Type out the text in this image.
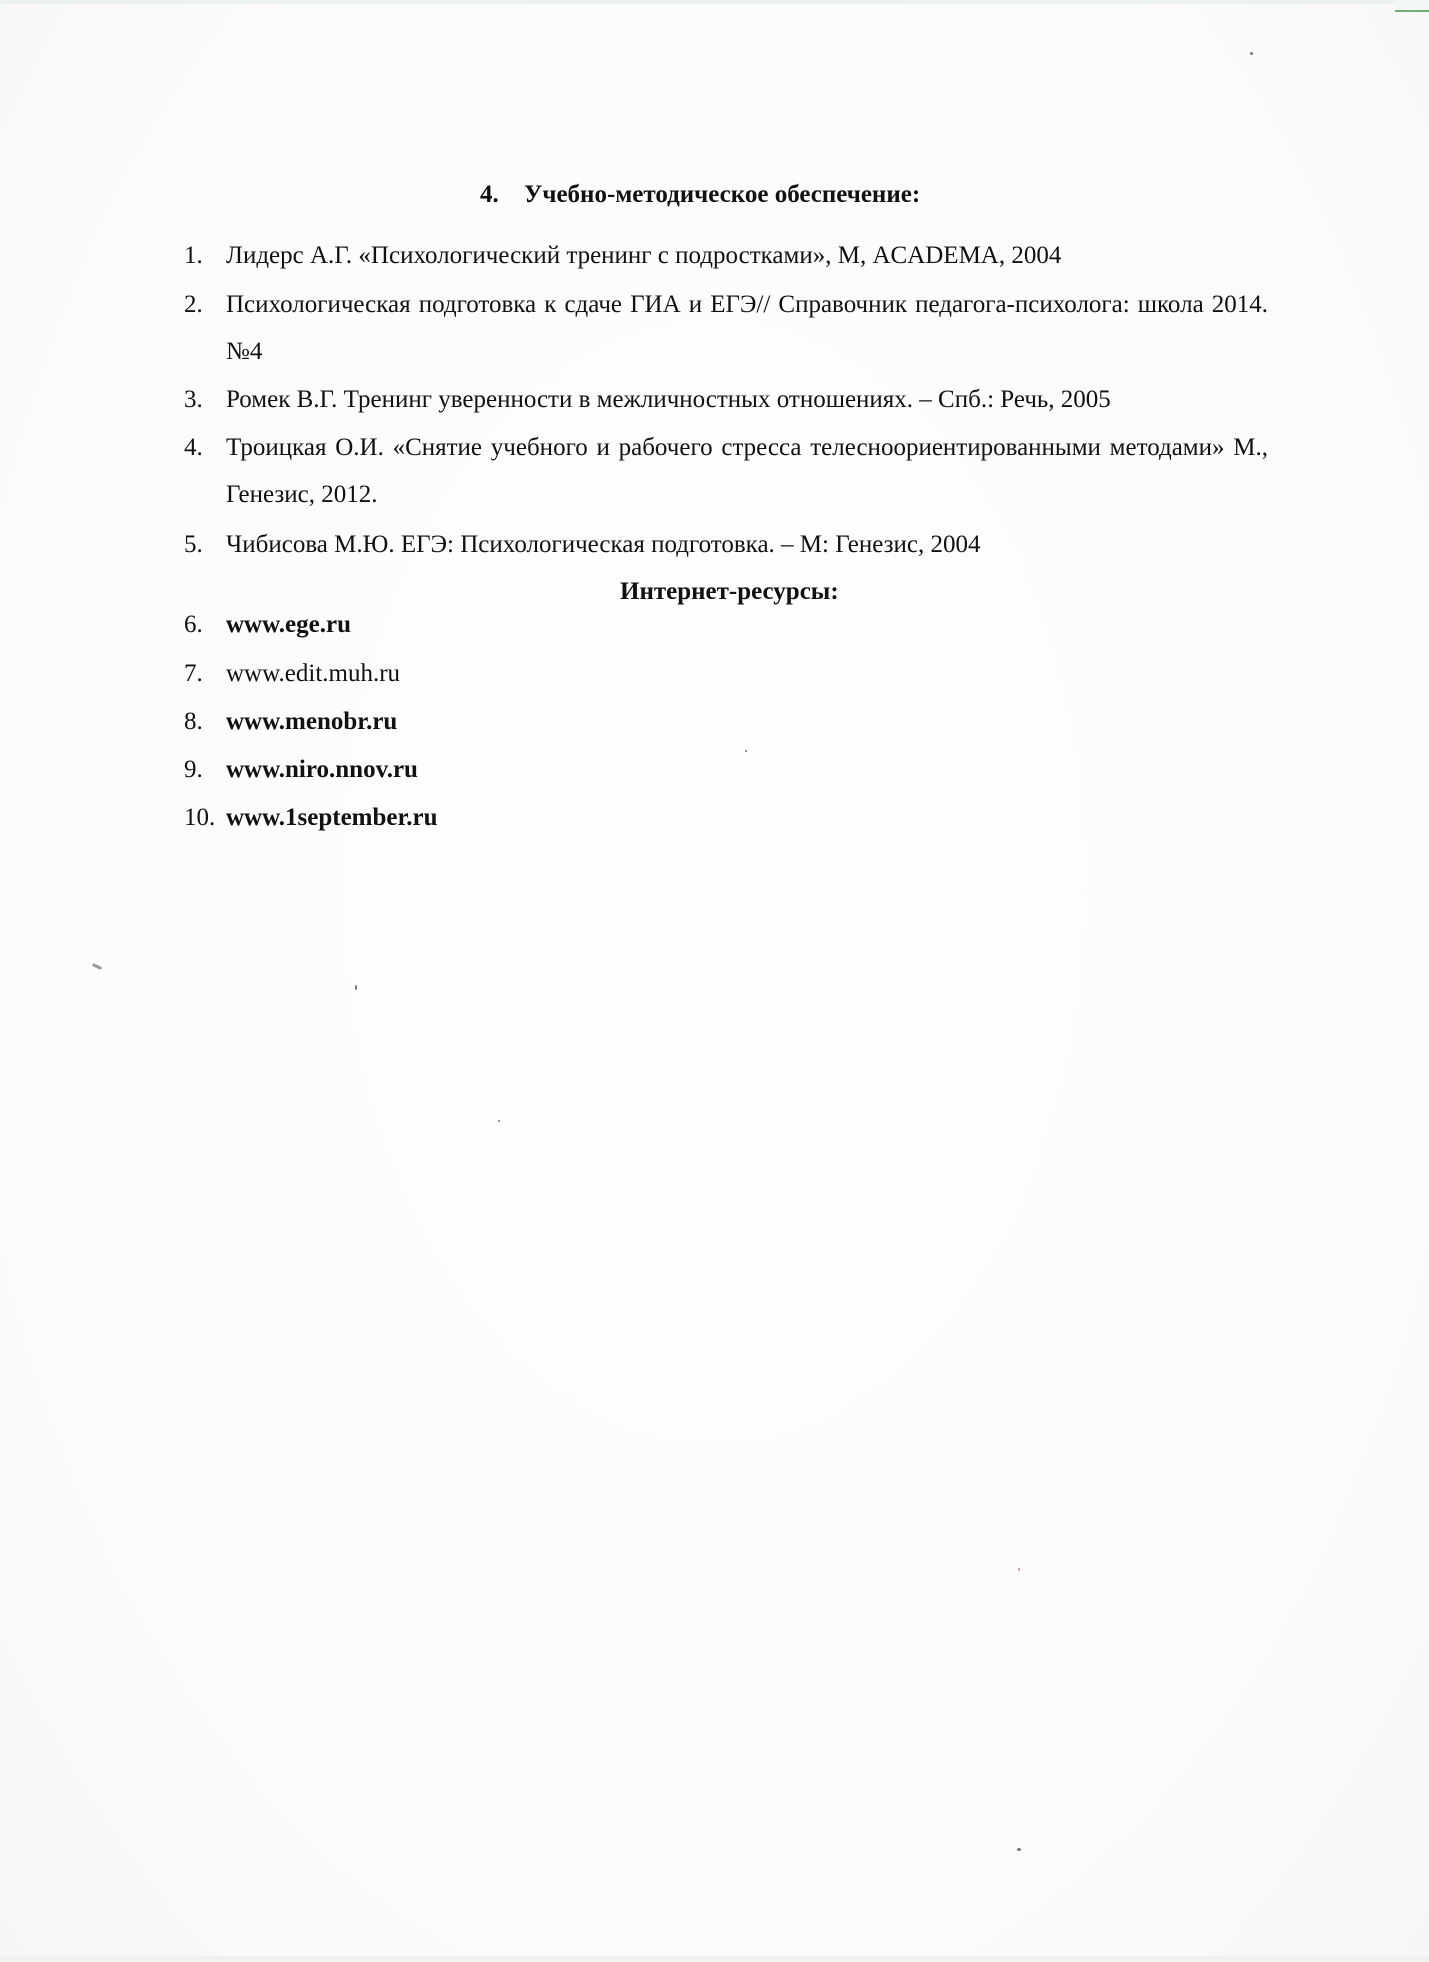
4. Учебно-методическое обеспечение:
1. Лидерс А.Г. «Психологический тренинг с подростками», М, ACADEMA, 2004
2. Психологическая подготовка к сдаче ГИА и ЕГЭ// Справочник педагога-психолога: школа 2014. №4
3. Ромек В.Г. Тренинг уверенности в межличностных отношениях. – Спб.: Речь, 2005
4. Троицкая О.И. «Снятие учебного и рабочего стресса телесноориентированными методами» М., Генезис, 2012.
5. Чибисова М.Ю. ЕГЭ: Психологическая подготовка. – М: Генезис, 2004
Интернет-ресурсы:
6. www.ege.ru
7. www.edit.muh.ru
8. www.menobr.ru
9. www.niro.nnov.ru
10. www.1september.ru
